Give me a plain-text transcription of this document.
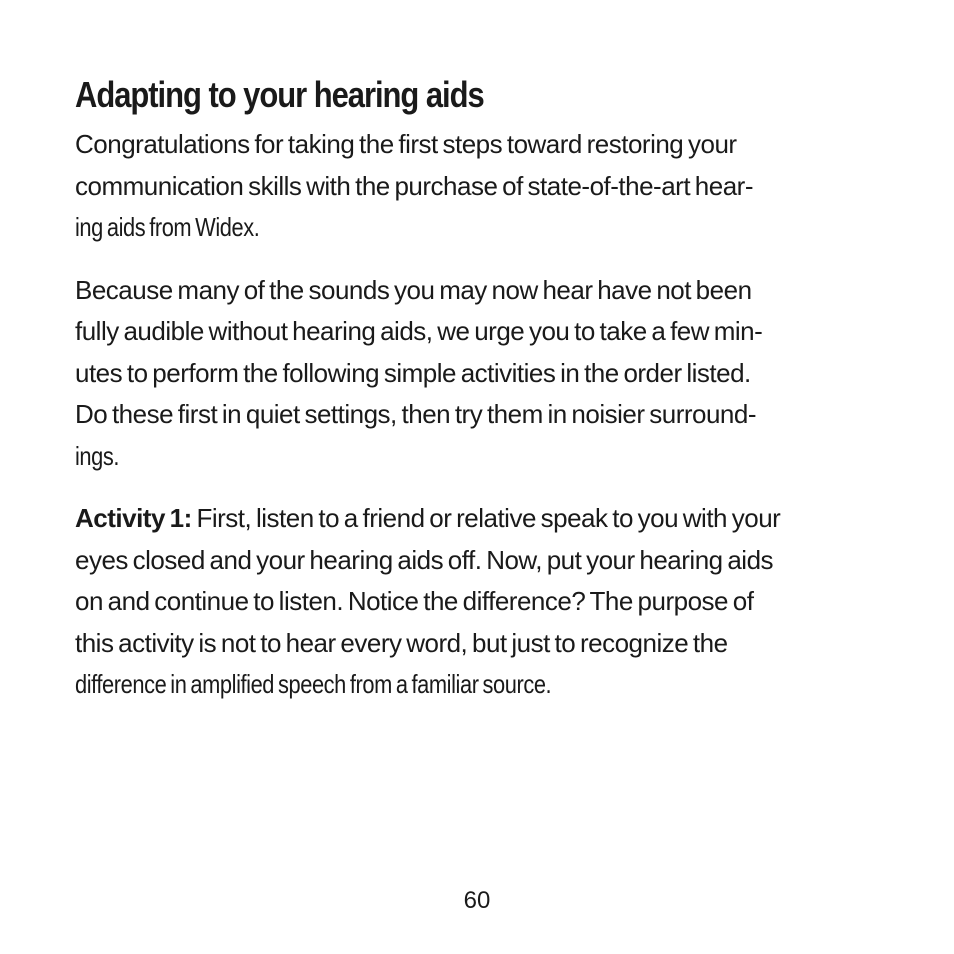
Adapting to your hearing aids

Congratulations for taking the first steps toward restoring your
communication skills with the purchase of state-of-the-art hear-
ing aids from Widex.

Because many of the sounds you may now hear have not been
fully audible without hearing aids, we urge you to take a few min-
utes to perform the following simple activities in the order listed.
Do these first in quiet settings, then try them in noisier surround-
ings.

Activity 1: First, listen to a friend or relative speak to you with your
eyes closed and your hearing aids off. Now, put your hearing aids
on and continue to listen. Notice the difference? The purpose of
this activity is not to hear every word, but just to recognize the
difference in amplified speech from a familiar source.

60
